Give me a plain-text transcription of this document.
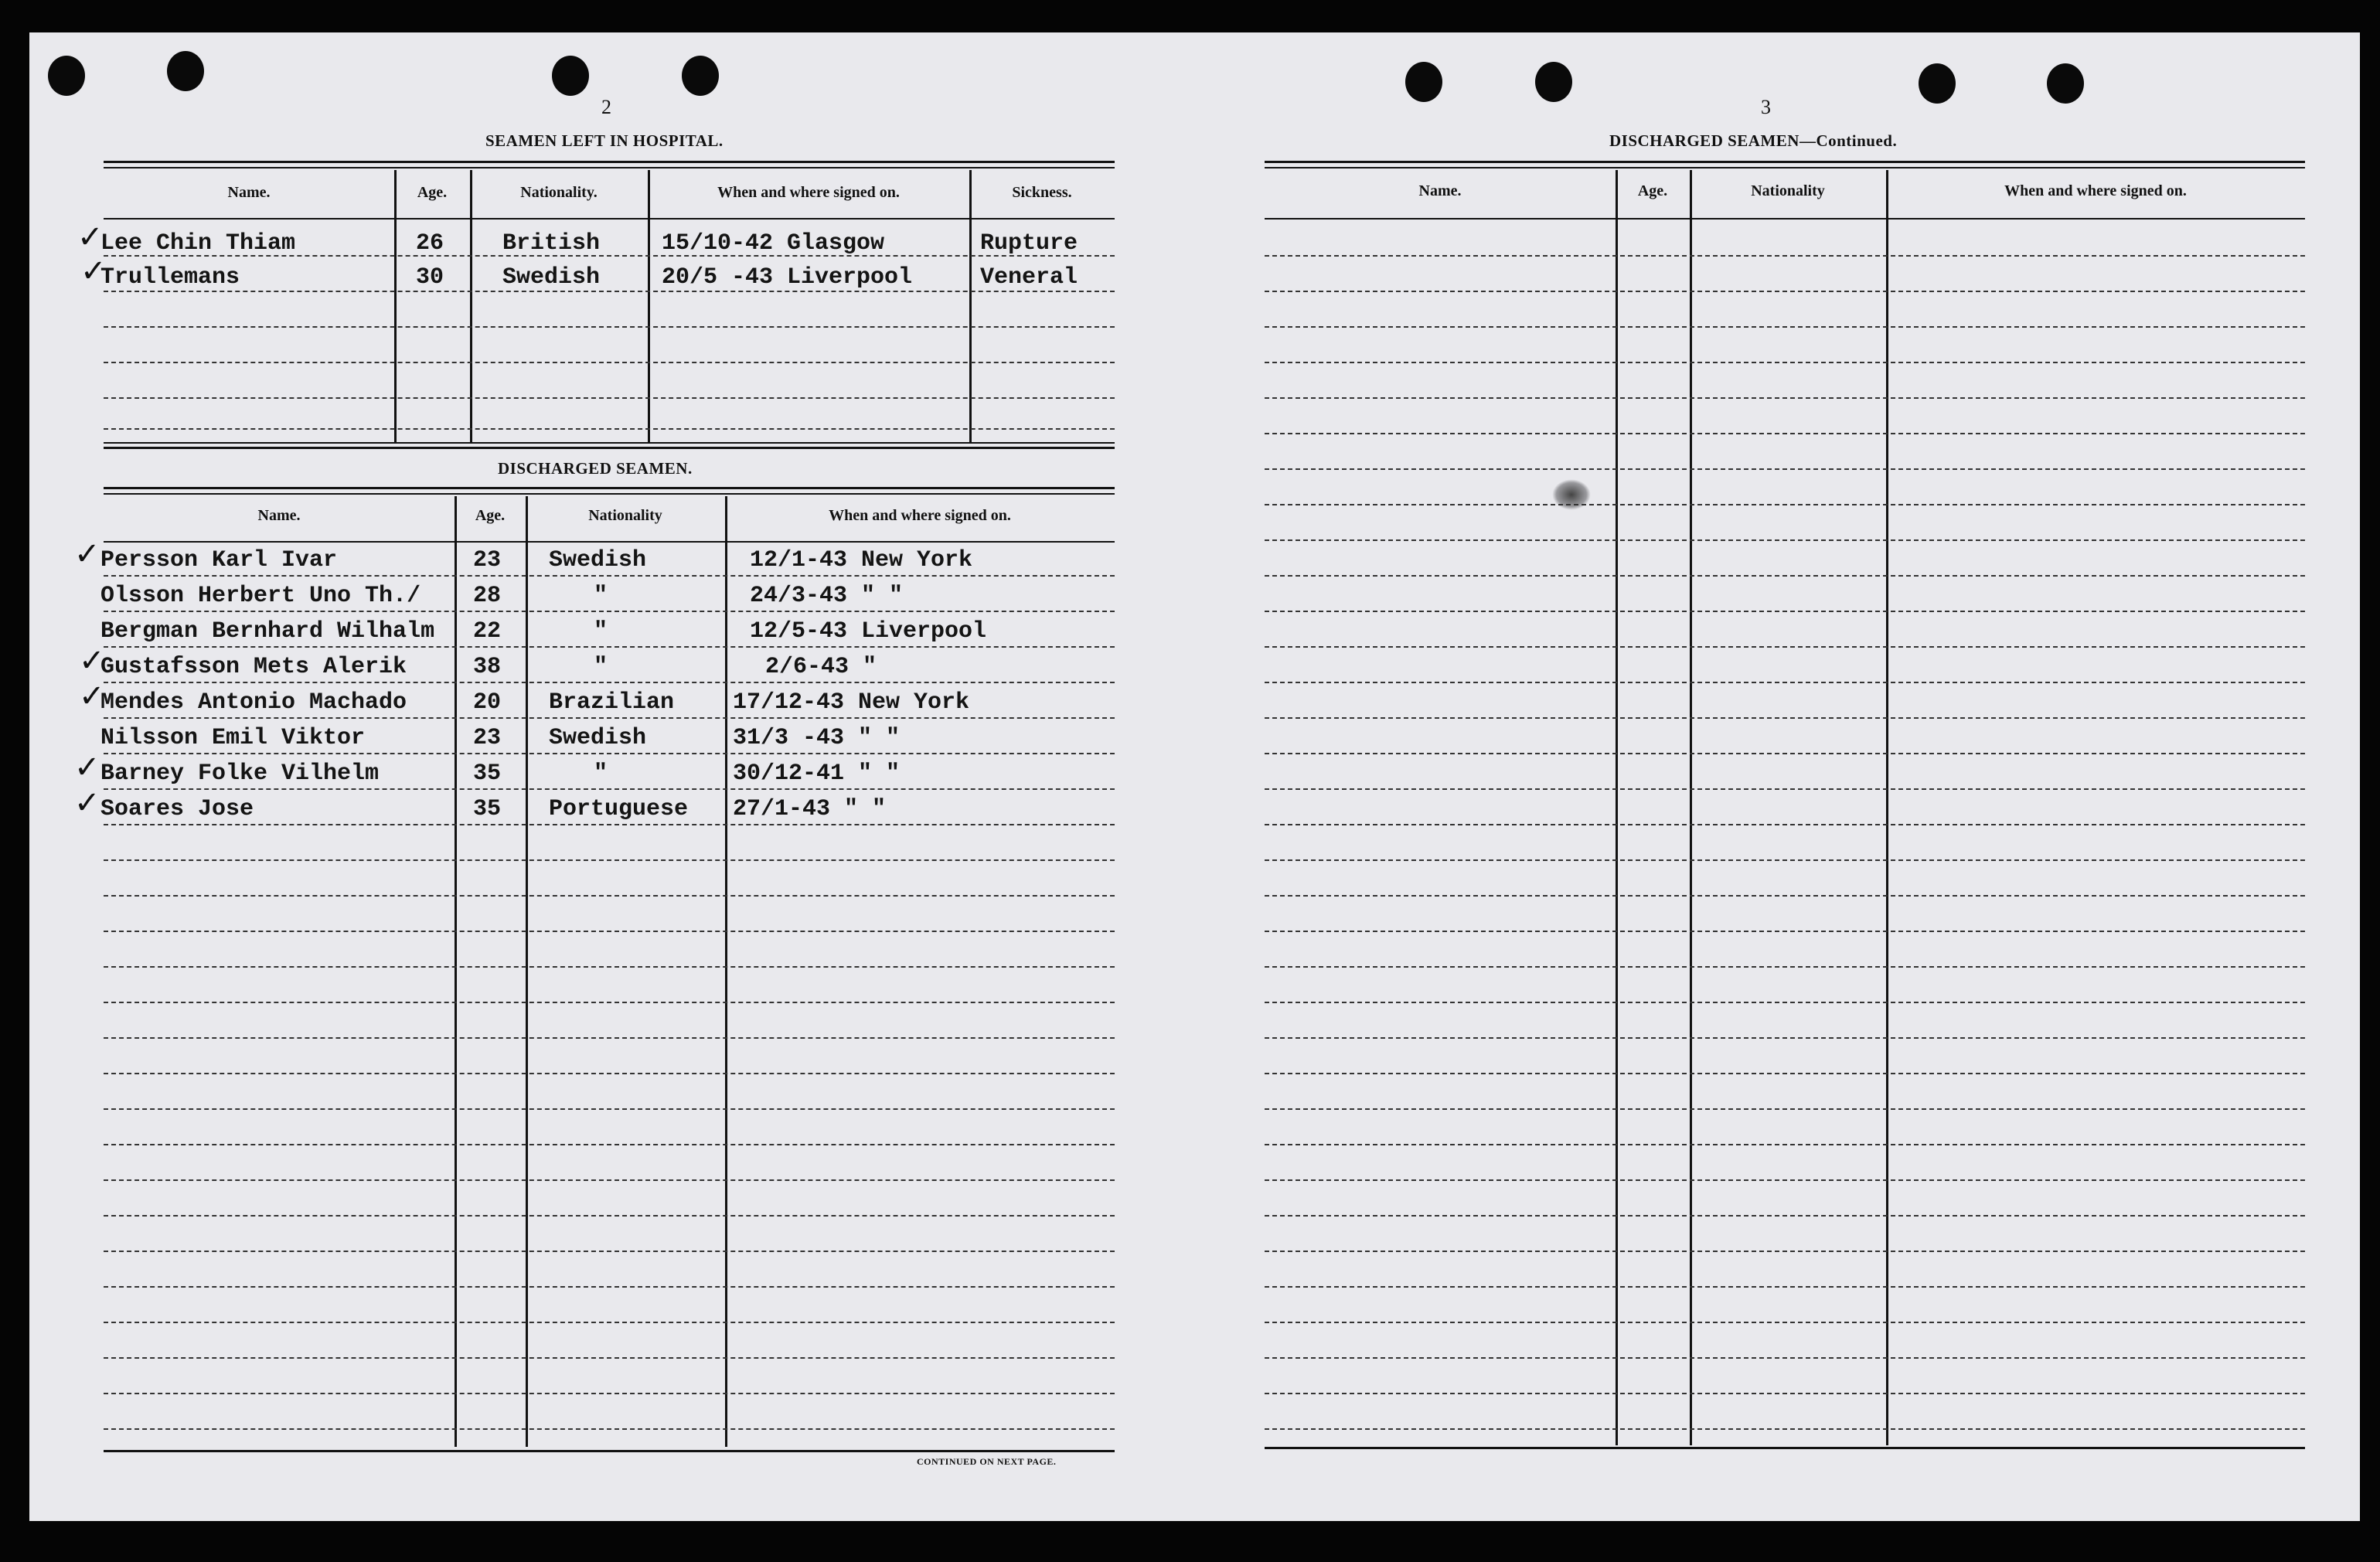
2
SEAMEN LEFT IN HOSPITAL.
Name.	Age.	Nationality.	When and where signed on.	Sickness.
✓
Lee Chin Thiam	26	British	15/10-42 Glasgow	Rupture
✓
Trullemans	30	Swedish	20/5 -43 Liverpool	Veneral
DISCHARGED SEAMEN.
Name.	Age.	Nationality	When and where signed on.
✓ Persson Karl Ivar	23 Swedish	12/1-43 New York
Olsson Herbert Uno Th./ 28	"	24/3-43 " "
Bergman Bernhard Wilhalm 22	"	12/5-43 Liverpool
✓
Gustafsson Mets Alerik	38	"	2/6-43 "
✓
Mendes Antonio Machado	20 Brazilian	17/12-43 New York
Nilsson Emil Viktor	23 Swedish	31/3 -43 " "
✓ Barney Folke Vilhelm	35	"	30/12-41 " "
✓ Soares Jose	35 Portuguese 27/1-43 " "
CONTINUED ON NEXT PAGE.
3
DISCHARGED SEAMEN—Continued.
Name.	Age.	Nationality	When and where signed on.
